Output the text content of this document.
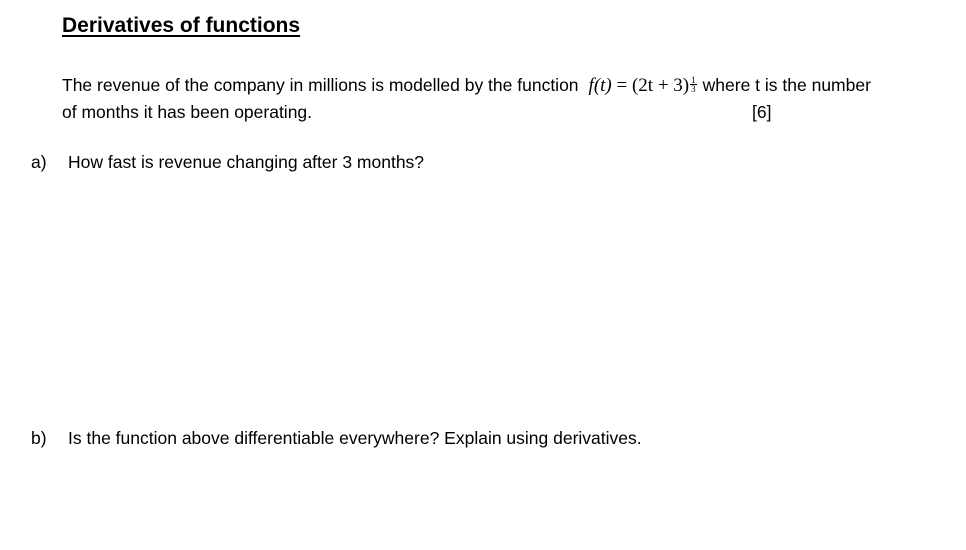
Derivatives of functions
The revenue of the company in millions is modelled by the function $f(t) = (2t + 3) \frac{1}{3}$ where t is the number
of months it has been operating.	[6]
a) How fast is revenue changing after 3 months?
b) Is the function above differentiable everywhere? Explain using derivatives.
